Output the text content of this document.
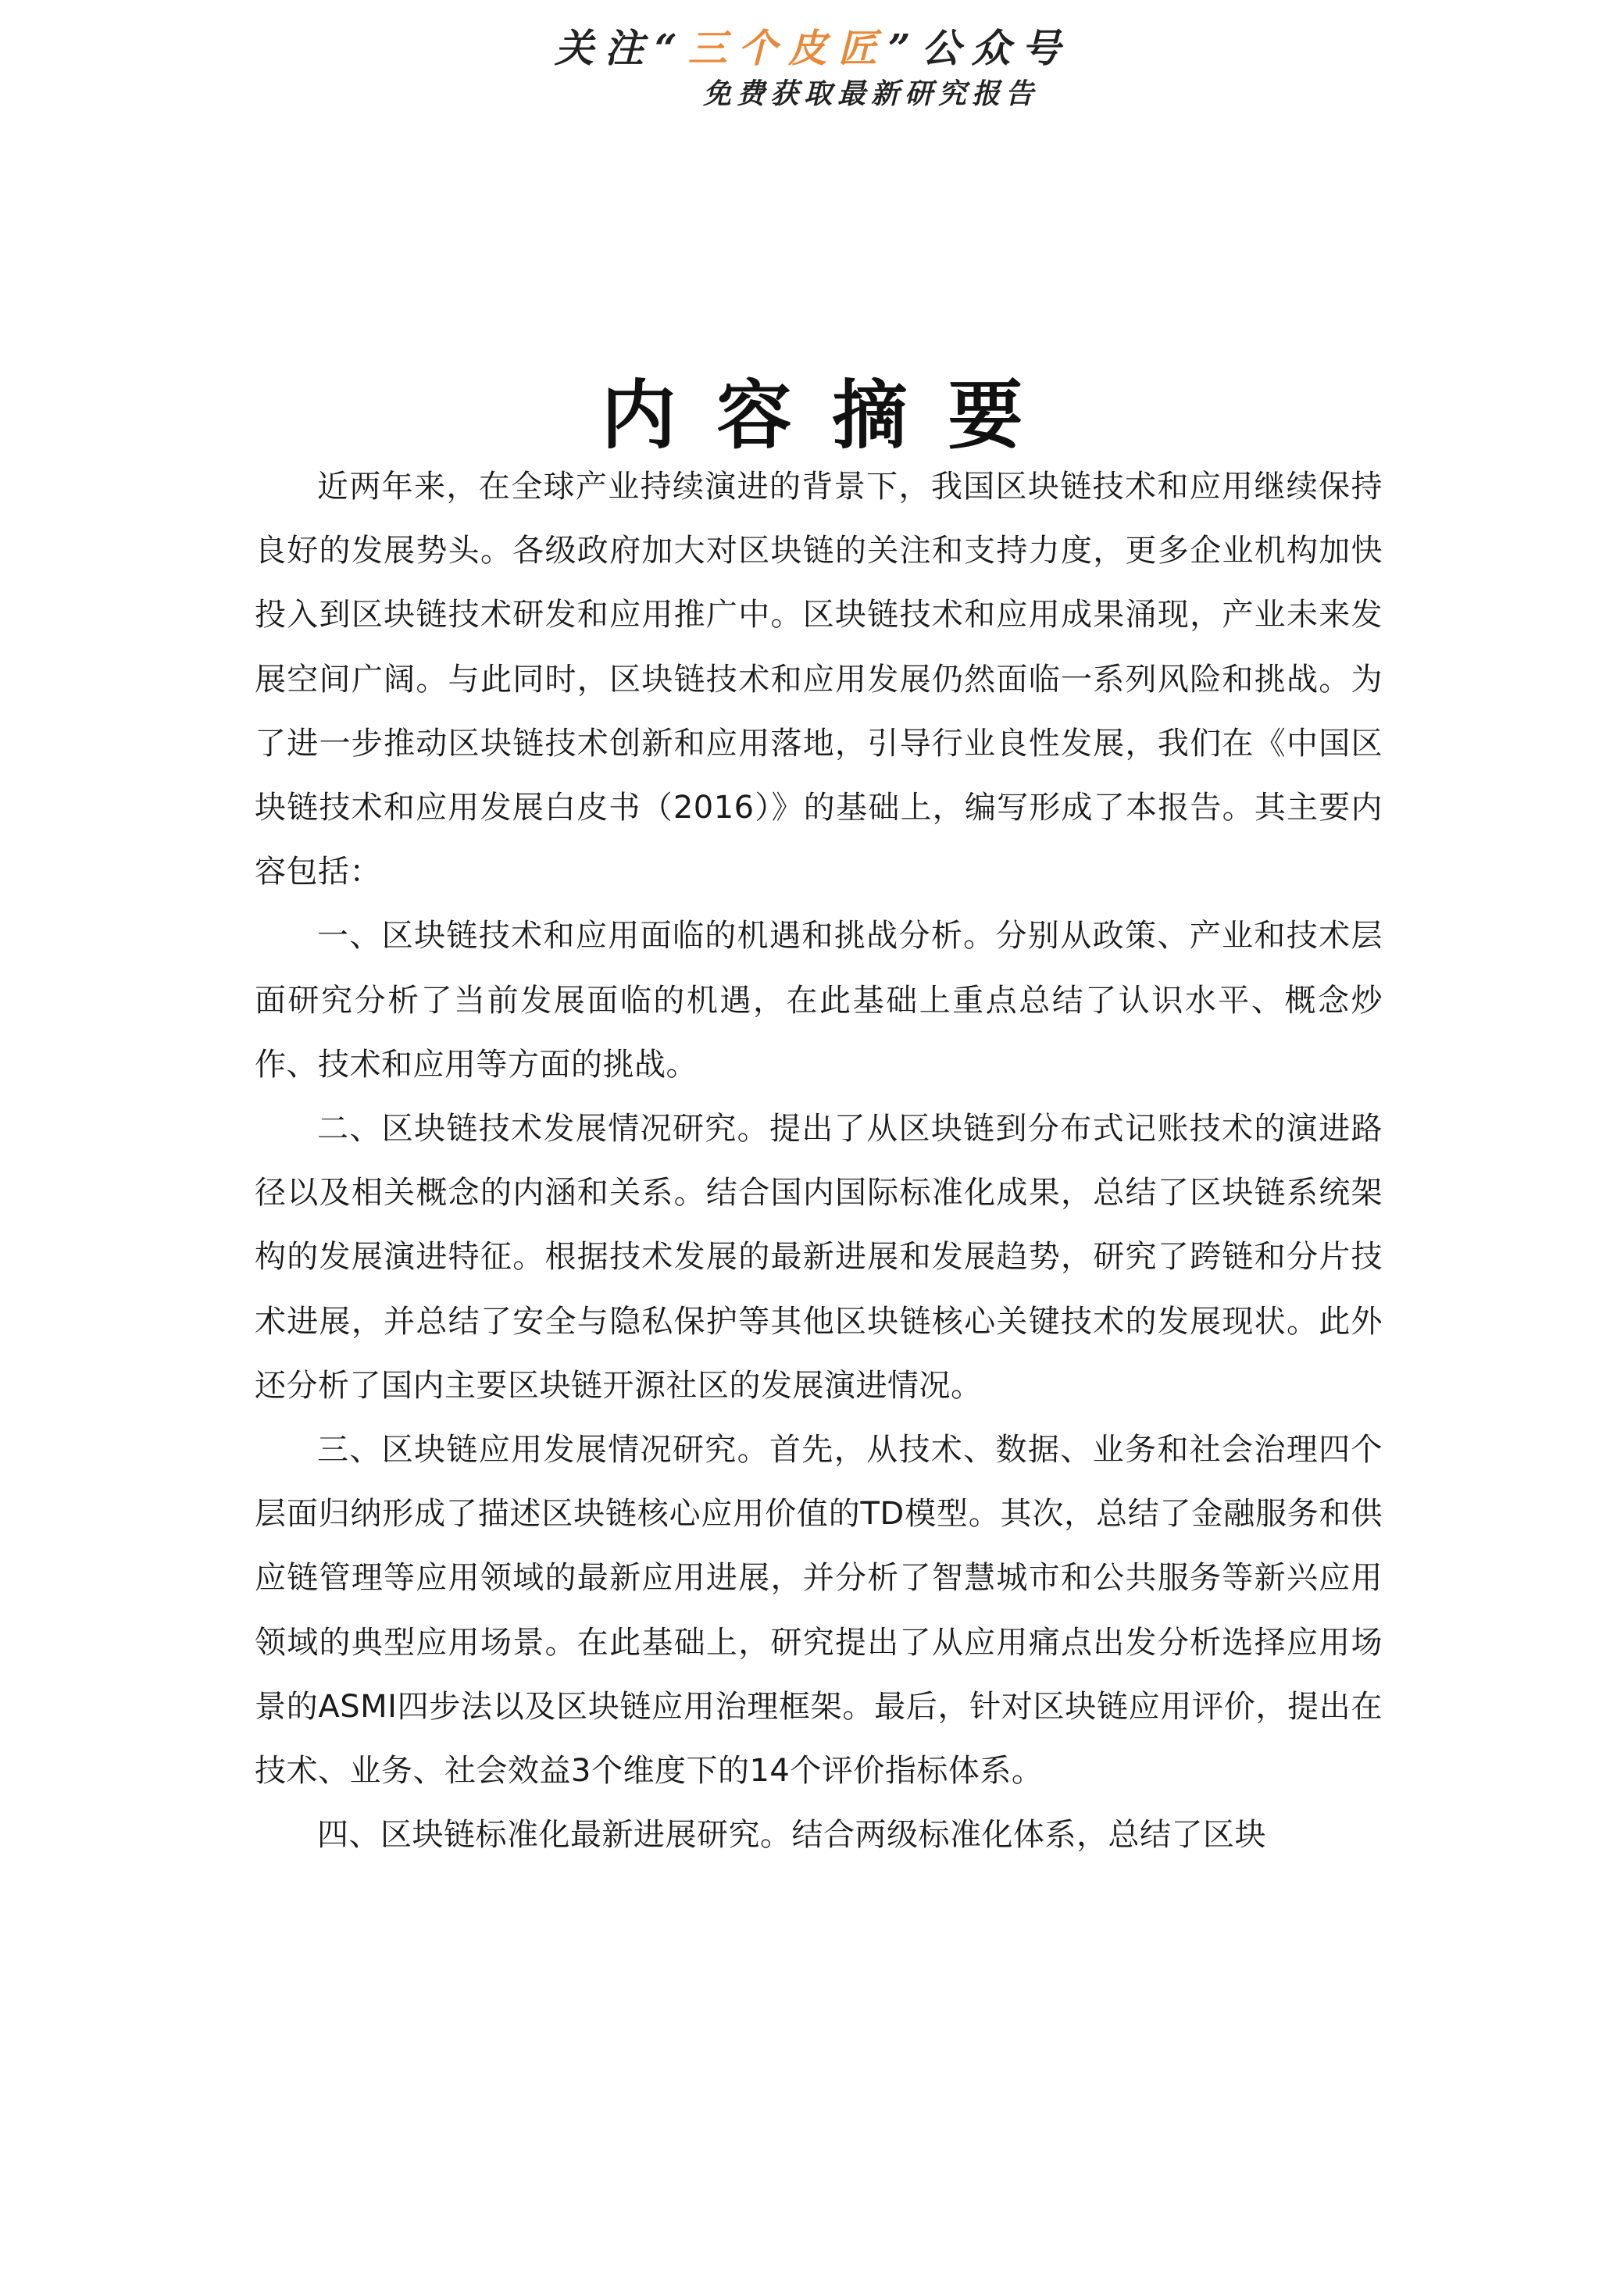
关注“三个皮匠”公众号
免费获取最新研究报告
内容摘要

近两年来，在全球产业持续演进的背景下，我国区块链技术和应用继续保持良好的发展势头。各级政府加大对区块链的关注和支持力度，更多企业机构加快投入到区块链技术研发和应用推广中。区块链技术和应用成果涌现，产业未来发展空间广阔。与此同时，区块链技术和应用发展仍然面临一系列风险和挑战。为了进一步推动区块链技术创新和应用落地，引导行业良性发展，我们在《中国区块链技术和应用发展白皮书（2016）》的基础上，编写形成了本报告。其主要内容包括：

一、区块链技术和应用面临的机遇和挑战分析。分别从政策、产业和技术层面研究分析了当前发展面临的机遇，在此基础上重点总结了认识水平、概念炒作、技术和应用等方面的挑战。

二、区块链技术发展情况研究。提出了从区块链到分布式记账技术的演进路径以及相关概念的内涵和关系。结合国内国际标准化成果，总结了区块链系统架构的发展演进特征。根据技术发展的最新进展和发展趋势，研究了跨链和分片技术进展，并总结了安全与隐私保护等其他区块链核心关键技术的发展现状。此外还分析了国内主要区块链开源社区的发展演进情况。

三、区块链应用发展情况研究。首先，从技术、数据、业务和社会治理四个层面归纳形成了描述区块链核心应用价值的TD模型。其次，总结了金融服务和供应链管理等应用领域的最新应用进展，并分析了智慧城市和公共服务等新兴应用领域的典型应用场景。在此基础上，研究提出了从应用痛点出发分析选择应用场景的ASMI四步法以及区块链应用治理框架。最后，针对区块链应用评价，提出在技术、业务、社会效益3个维度下的14个评价指标体系。

四、区块链标准化最新进展研究。结合两级标准化体系，总结了区块
